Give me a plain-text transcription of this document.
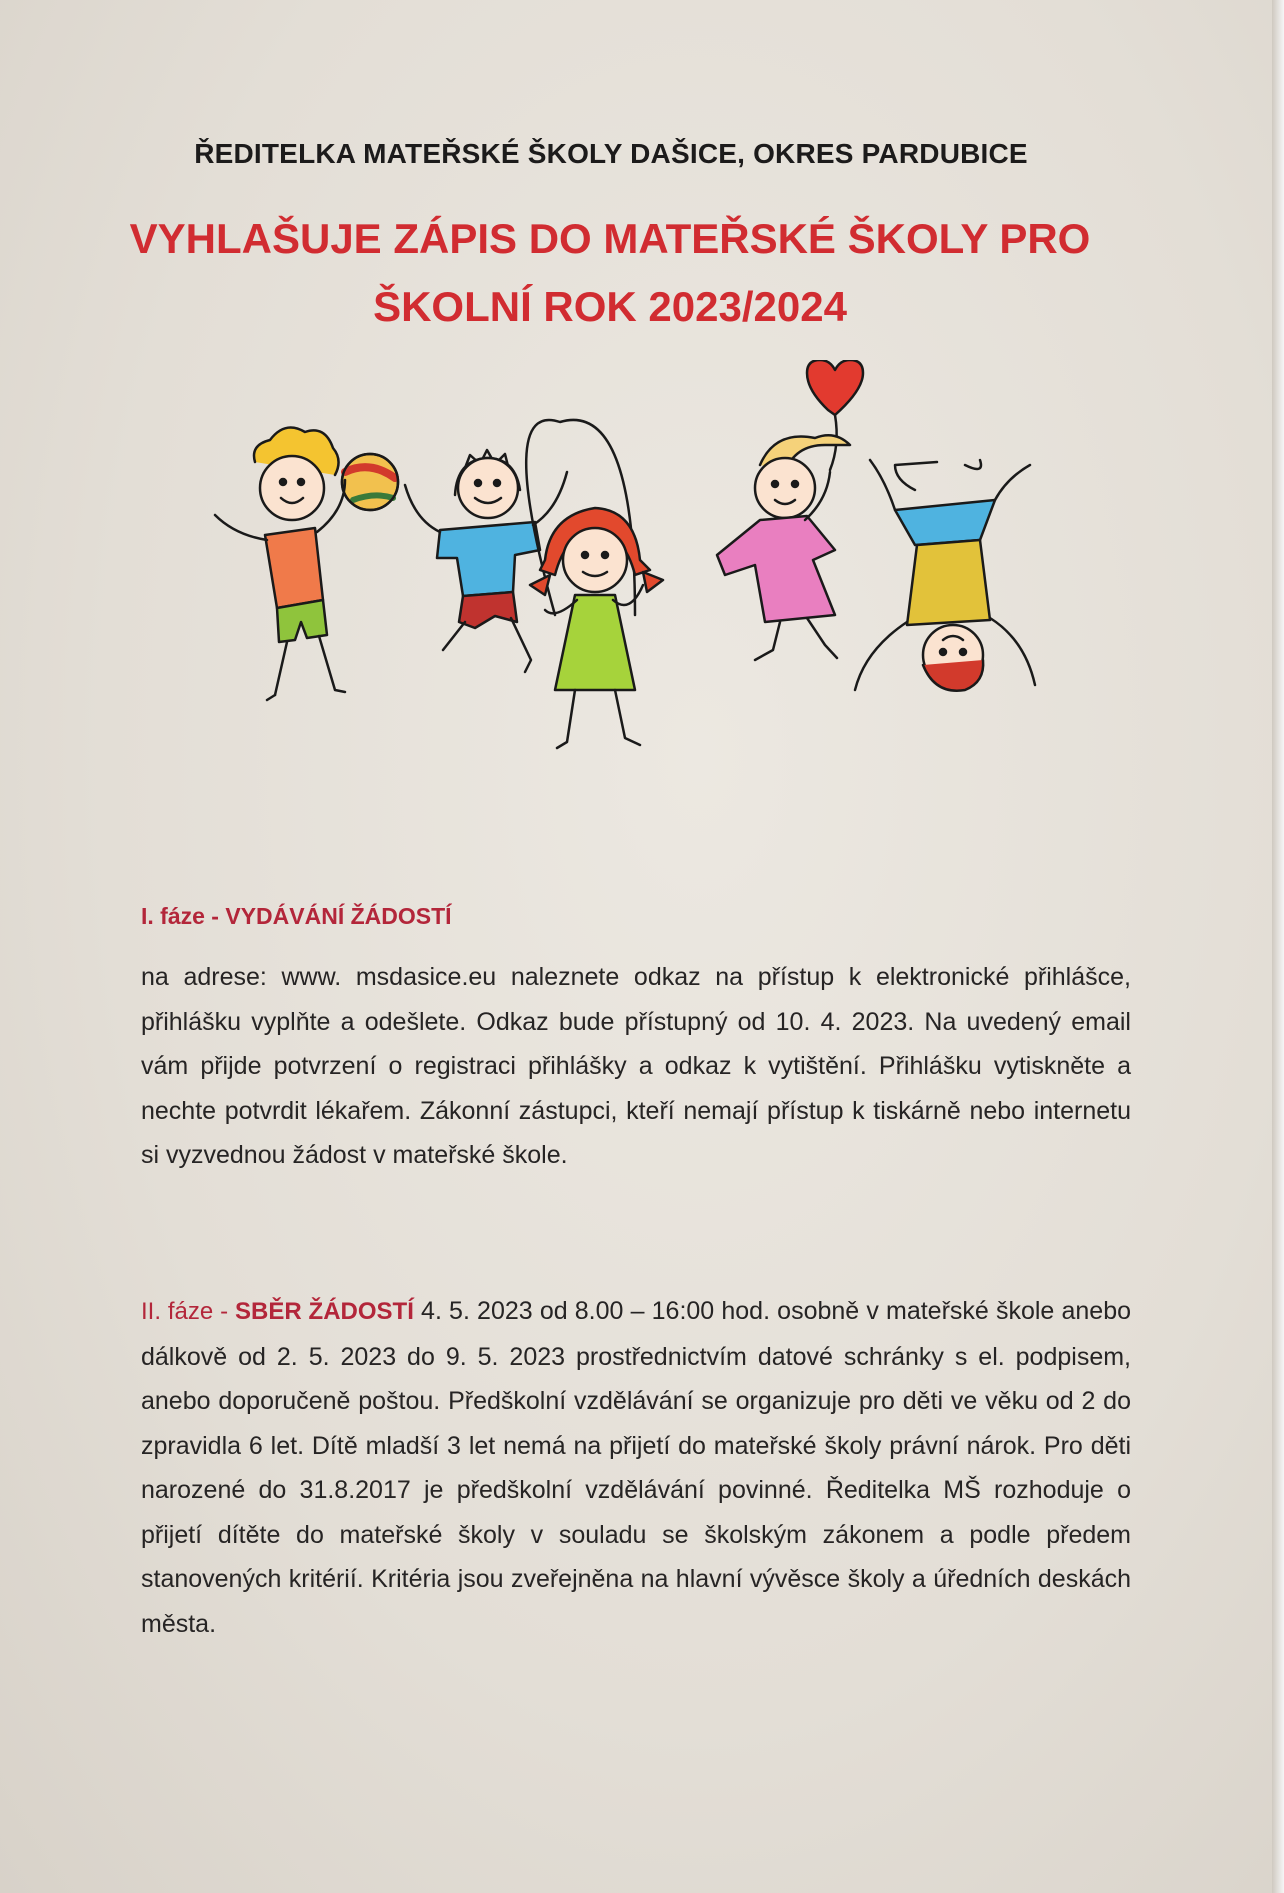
ŘEDITELKA MATEŘSKÉ ŠKOLY DAŠICE, OKRES PARDUBICE
VYHLAŠUJE ZÁPIS DO MATEŘSKÉ ŠKOLY PRO
ŠKOLNÍ ROK 2023/2024
I. fáze - VYDÁVÁNÍ ŽÁDOSTÍ
na adrese: www. msdasice.eu naleznete odkaz na přístup k elektronické přihlášce, přihlášku vyplňte a odešlete. Odkaz bude přístupný od 10. 4. 2023. Na uvedený email vám přijde potvrzení o registraci přihlášky a odkaz k vytištění. Přihlášku vytiskněte a nechte potvrdit lékařem. Zákonní zástupci, kteří nemají přístup k tiskárně nebo internetu si vyzvednou žádost v mateřské škole.
II. fáze - SBĚR ŽÁDOSTÍ 4. 5. 2023 od 8.00 – 16:00 hod. osobně v mateřské škole anebo dálkově od 2. 5. 2023 do 9. 5. 2023 prostřednictvím datové schránky s el. podpisem, anebo doporučeně poštou. Předškolní vzdělávání se organizuje pro děti ve věku od 2 do zpravidla 6 let. Dítě mladší 3 let nemá na přijetí do mateřské školy právní nárok. Pro děti narozené do 31.8.2017 je předškolní vzdělávání povinné. Ředitelka MŠ rozhoduje o přijetí dítěte do mateřské školy v souladu se školským zákonem a podle předem stanovených kritérií. Kritéria jsou zveřejněna na hlavní vývěsce školy a úředních deskách města.
